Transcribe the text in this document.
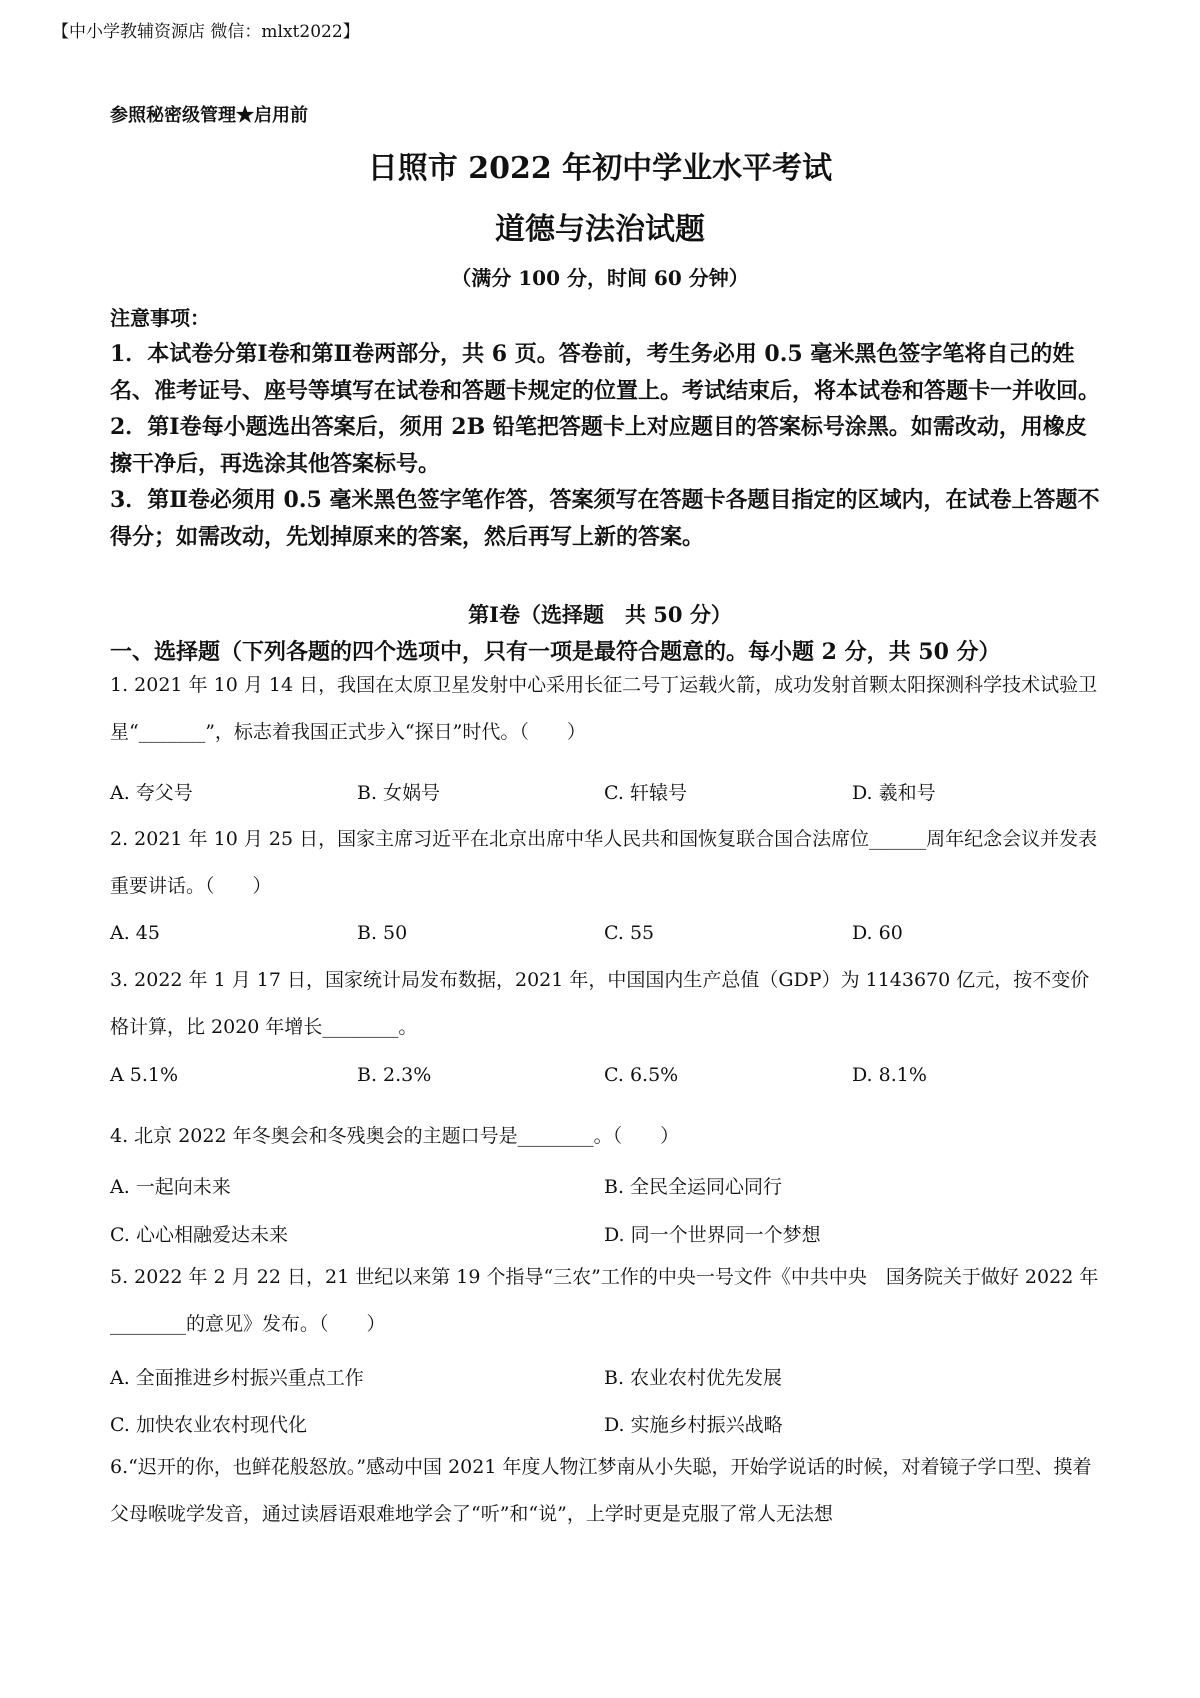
【中小学教辅资源店 微信：mlxt2022】
参照秘密级管理★启用前
日照市 2022 年初中学业水平考试
道德与法治试题
（满分 100 分，时间 60 分钟）
注意事项：

1．本试卷分第Ⅰ卷和第Ⅱ卷两部分，共 6 页。答卷前，考生务必用 0.5 毫米黑色签字笔将自己的姓名、准考证号、座号等填写在试卷和答题卡规定的位置上。考试结束后，将本试卷和答题卡一并收回。

2．第Ⅰ卷每小题选出答案后，须用 2B 铅笔把答题卡上对应题目的答案标号涂黑。如需改动，用橡皮擦干净后，再选涂其他答案标号。

3．第Ⅱ卷必须用 0.5 毫米黑色签字笔作答，答案须写在答题卡各题目指定的区域内，在试卷上答题不得分；如需改动，先划掉原来的答案，然后再写上新的答案。

第Ⅰ卷（选择题　共 50 分）
一、选择题（下列各题的四个选项中，只有一项是最符合题意的。每小题 2 分，共 50 分）

1. 2021 年 10 月 14 日，我国在太原卫星发射中心采用长征二号丁运载火箭，成功发射首颗太阳探测科学技术试验卫星“_______”，标志着我国正式步入“探日”时代。（　　）

A. 夸父号	B. 女娲号	C. 轩辕号	D. 羲和号

2. 2021 年 10 月 25 日，国家主席习近平在北京出席中华人民共和国恢复联合国合法席位______周年纪念会议并发表重要讲话。（　　）

A. 45	B. 50	C. 55	D. 60

3. 2022 年 1 月 17 日，国家统计局发布数据，2021 年，中国国内生产总值（GDP）为 1143670 亿元，按不变价格计算，比 2020 年增长________。

A 5.1%	B. 2.3%	C. 6.5%	D. 8.1%

4. 北京 2022 年冬奥会和冬残奥会的主题口号是________。（　　）

A. 一起向未来	B. 全民全运同心同行
C. 心心相融爱达未来	D. 同一个世界同一个梦想

5. 2022 年 2 月 22 日，21 世纪以来第 19 个指导“三农”工作的中央一号文件《中共中央　国务院关于做好 2022 年________的意见》发布。（　　）

A. 全面推进乡村振兴重点工作	B. 农业农村优先发展
C. 加快农业农村现代化	D. 实施乡村振兴战略

6.“迟开的你，也鲜花般怒放。”感动中国 2021 年度人物江梦南从小失聪，开始学说话的时候，对着镜子学口型、摸着父母喉咙学发音，通过读唇语艰难地学会了“听”和“说”，上学时更是克服了常人无法想
